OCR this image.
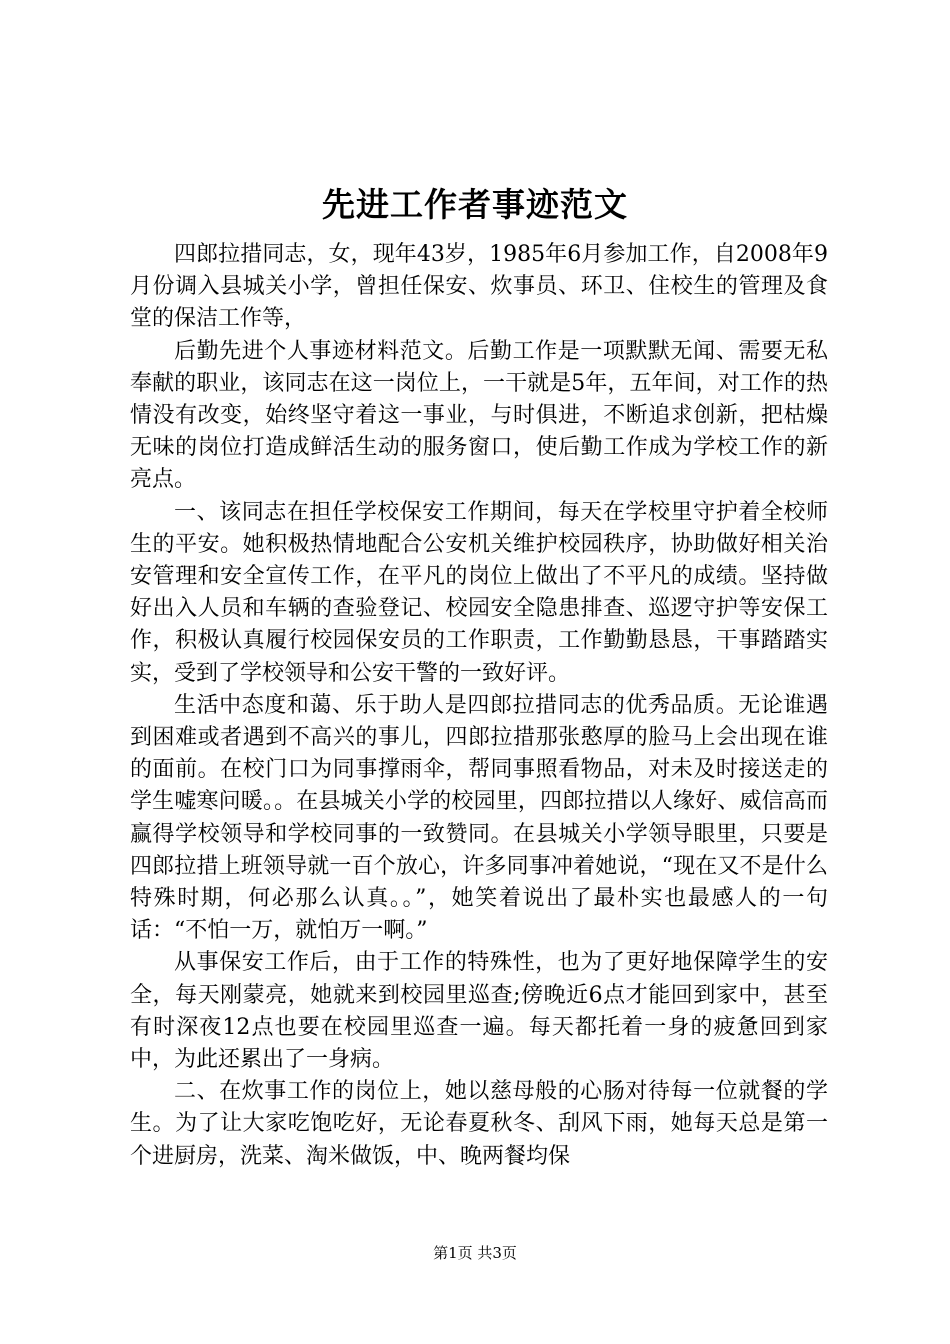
先进工作者事迹范文

四郎拉措同志，女，现年43岁，1985年6月参加工作，自2008年9月份调入县城关小学，曾担任保安、炊事员、环卫、住校生的管理及食堂的保洁工作等，

后勤先进个人事迹材料范文。后勤工作是一项默默无闻、需要无私奉献的职业，该同志在这一岗位上，一干就是5年，五年间，对工作的热情没有改变，始终坚守着这一事业，与时俱进，不断追求创新，把枯燥无味的岗位打造成鲜活生动的服务窗口，使后勤工作成为学校工作的新亮点。

一、该同志在担任学校保安工作期间，每天在学校里守护着全校师生的平安。她积极热情地配合公安机关维护校园秩序，协助做好相关治安管理和安全宣传工作，在平凡的岗位上做出了不平凡的成绩。坚持做好出入人员和车辆的查验登记、校园安全隐患排查、巡逻守护等安保工作，积极认真履行校园保安员的工作职责，工作勤勤恳恳，干事踏踏实实，受到了学校领导和公安干警的一致好评。

生活中态度和蔼、乐于助人是四郎拉措同志的优秀品质。无论谁遇到困难或者遇到不高兴的事儿，四郎拉措那张憨厚的脸马上会出现在谁的面前。在校门口为同事撑雨伞，帮同事照看物品，对未及时接送走的学生嘘寒问暖。。在县城关小学的校园里，四郎拉措以人缘好、威信高而赢得学校领导和学校同事的一致赞同。在县城关小学领导眼里，只要是四郎拉措上班领导就一百个放心，许多同事冲着她说，“现在又不是什么特殊时期，何必那么认真。。”，她笑着说出了最朴实也最感人的一句话：“不怕一万，就怕万一啊。”

从事保安工作后，由于工作的特殊性，也为了更好地保障学生的安全，每天刚蒙亮，她就来到校园里巡查;傍晚近6点才能回到家中，甚至有时深夜12点也要在校园里巡查一遍。每天都托着一身的疲惫回到家中，为此还累出了一身病。

二、在炊事工作的岗位上，她以慈母般的心肠对待每一位就餐的学生。为了让大家吃饱吃好，无论春夏秋冬、刮风下雨，她每天总是第一个进厨房，洗菜、淘米做饭，中、晚两餐均保

第1页 共3页
